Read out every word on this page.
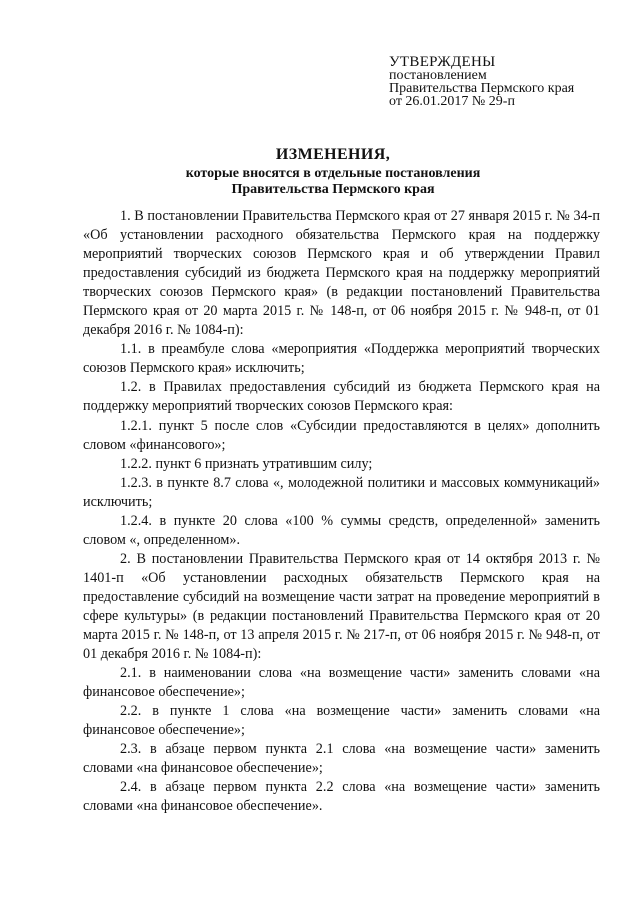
УТВЕРЖДЕНЫ
постановлением
Правительства Пермского края
от 26.01.2017 № 29-п
ИЗМЕНЕНИЯ,
которые вносятся в отдельные постановления
Правительства Пермского края

1. В постановлении Правительства Пермского края от 27 января 2015 г. № 34-п «Об установлении расходного обязательства Пермского края на поддержку мероприятий творческих союзов Пермского края и об утверждении Правил предоставления субсидий из бюджета Пермского края на поддержку мероприятий творческих союзов Пермского края» (в редакции постановлений Правительства Пермского края от 20 марта 2015 г. № 148-п, от 06 ноября 2015 г. № 948-п, от 01 декабря 2016 г. № 1084-п):

1.1. в преамбуле слова «мероприятия «Поддержка мероприятий творческих союзов Пермского края» исключить;

1.2. в Правилах предоставления субсидий из бюджета Пермского края на поддержку мероприятий творческих союзов Пермского края:

1.2.1. пункт 5 после слов «Субсидии предоставляются в целях» дополнить словом «финансового»;

1.2.2. пункт 6 признать утратившим силу;

1.2.3. в пункте 8.7 слова «, молодежной политики и массовых коммуникаций» исключить;

1.2.4. в пункте 20 слова «100 % суммы средств, определенной» заменить словом «, определенном».

2. В постановлении Правительства Пермского края от 14 октября 2013 г. № 1401-п «Об установлении расходных обязательств Пермского края на предоставление субсидий на возмещение части затрат на проведение мероприятий в сфере культуры» (в редакции постановлений Правительства Пермского края от 20 марта 2015 г. № 148-п, от 13 апреля 2015 г. № 217-п, от 06 ноября 2015 г. № 948-п, от 01 декабря 2016 г. № 1084-п):

2.1. в наименовании слова «на возмещение части» заменить словами «на финансовое обеспечение»;

2.2. в пункте 1 слова «на возмещение части» заменить словами «на финансовое обеспечение»;

2.3. в абзаце первом пункта 2.1 слова «на возмещение части» заменить словами «на финансовое обеспечение»;

2.4. в абзаце первом пункта 2.2 слова «на возмещение части» заменить словами «на финансовое обеспечение».
